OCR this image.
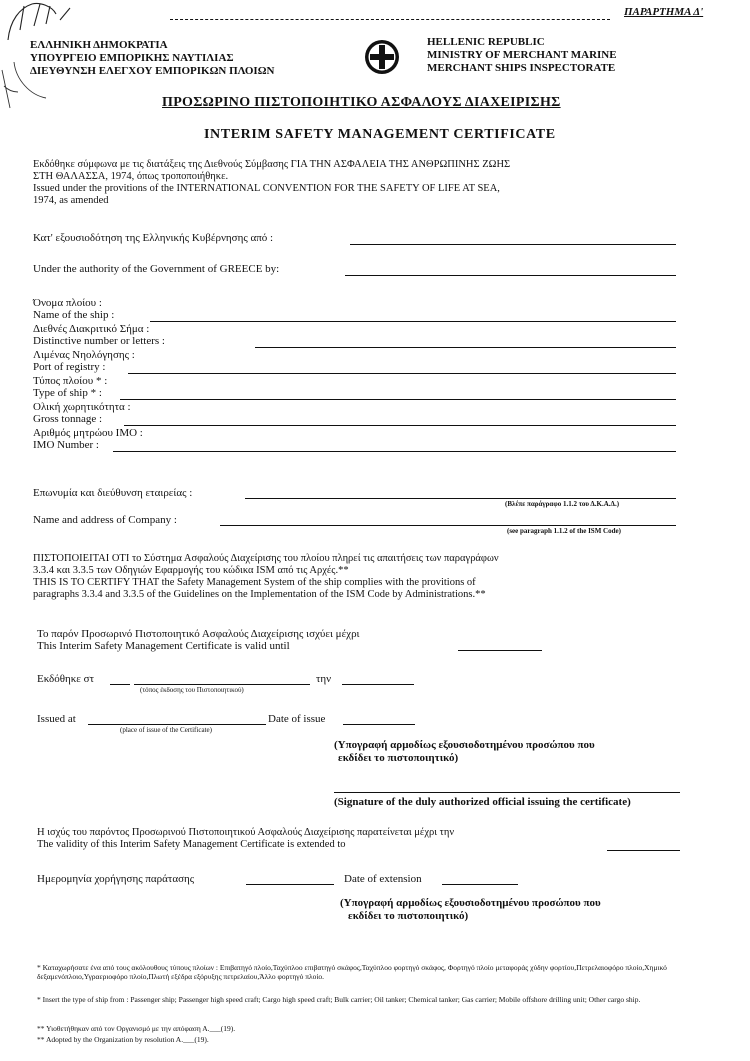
ΠΑΡΑΡΤΗΜΑ Δ'
ΕΛΛΗΝΙΚΗ ΔΗΜΟΚΡΑΤΙΑ
ΥΠΟΥΡΓΕΙΟ ΕΜΠΟΡΙΚΗΣ ΝΑΥΤΙΛΙΑΣ
ΔΙΕΥΘΥΝΣΗ ΕΛΕΓΧΟΥ ΕΜΠΟΡΙΚΩΝ ΠΛΟΙΩΝ
HELLENIC REPUBLIC
MINISTRY OF MERCHANT MARINE
MERCHANT SHIPS INSPECTORATE
ΠΡΟΣΩΡΙΝΟ ΠΙΣΤΟΠΟΙΗΤΙΚΟ ΑΣΦΑΛΟΥΣ ΔΙΑΧΕΙΡΙΣΗΣ
INTERIM SAFETY MANAGEMENT CERTIFICATE
Εκδόθηκε σύμφωνα με τις διατάξεις της Διεθνούς Σύμβασης ΓΙΑ ΤΗΝ ΑΣΦΑΛΕΙΑ ΤΗΣ ΑΝΘΡΩΠΙΝΗΣ ΖΩΗΣ
ΣΤΗ ΘΑΛΑΣΣΑ, 1974, όπως τροποποιήθηκε.
Issued under the provitions of the INTERNATIONAL CONVENTION FOR THE SAFETY OF LIFE AT SEA,
1974, as amended
Κατ' εξουσιοδότηση της Ελληνικής Κυβέρνησης από :
Under the authority of the Government of GREECE by:
Όνομα πλοίου :
Name of the ship :
Διεθνές Διακριτικό Σήμα :
Distinctive number or letters :
Λιμένας Νηολόγησης :
Port of registry :
Τύπος πλοίου * :
Type of ship * :
Ολική χωρητικότητα :
Gross tonnage :
Αριθμός μητρώου IMO :
IMO Number :
Επωνυμία και διεύθυνση εταιρείας :
(Βλέπε παράγραφο 1.1.2 του Δ.Κ.Α.Δ.)
Name and address of Company :
(see paragraph 1.1.2 of the ISM Code)
ΠΙΣΤΟΠΟΙΕΙΤΑΙ ΟΤΙ το Σύστημα Ασφαλούς Διαχείρισης του πλοίου πληρεί τις απαιτήσεις των παραγράφων
3.3.4 και 3.3.5 των Οδηγιών Εφαρμογής του κώδικα ISM από τις Αρχές.**
THIS IS TO CERTIFY THAT the Safety Management System of the ship complies with the provitions of
paragraphs 3.3.4 and 3.3.5 of the Guidelines on the Implementation of the ISM Code by Administrations.**
Το παρόν Προσωρινό Πιστοποιητικό Ασφαλούς Διαχείρισης ισχύει μέχρι
This Interim Safety Management Certificate is valid until
Εκδόθηκε στ	την
(τόπος έκδοσης του Πιστοποιητικού)
Issued at	Date of issue
(place of issue of the Certificate)
(Υπογραφή αρμοδίως εξουσιοδοτημένου προσώπου που
εκδίδει το πιστοποιητικό)
(Signature of the duly authorized official issuing the certificate)
Η ισχύς του παρόντος Προσωρινού Πιστοποιητικού Ασφαλούς Διαχείρισης παρατείνεται μέχρι την
The validity of this Interim Safety Management Certificate is extended to
Ημερομηνία χορήγησης παράτασης	Date of extension
(Υπογραφή αρμοδίως εξουσιοδοτημένου προσώπου που
εκδίδει το πιστοποιητικό)
* Καταχωρήσατε ένα από τους ακόλουθους τύπους πλοίων : Επιβατηγό πλοίο,Ταχύπλοο επιβατηγό σκάφος,Ταχύπλοο φορτηγό σκάφος, Φορτηγό πλοίο μεταφοράς χύδην φορτίου,Πετρελαιοφόρο πλοίο,Χημικό δεξαμενόπλοιο,Υγραεριοφόρο πλοίο,Πλωτή εξέδρα εξόρυξης πετρελαίου,Άλλο φορτηγό πλοίο.
* Insert the type of ship from : Passenger ship; Passenger high speed craft; Cargo high speed craft; Bulk carrier; Oil tanker; Chemical tanker; Gas carrier; Mobile offshore drilling unit; Other cargo ship.
** Υιοθετήθηκαν από τον Οργανισμό με την απόφαση Α.___(19).
** Adopted by the Organization by resolution A.___(19).
